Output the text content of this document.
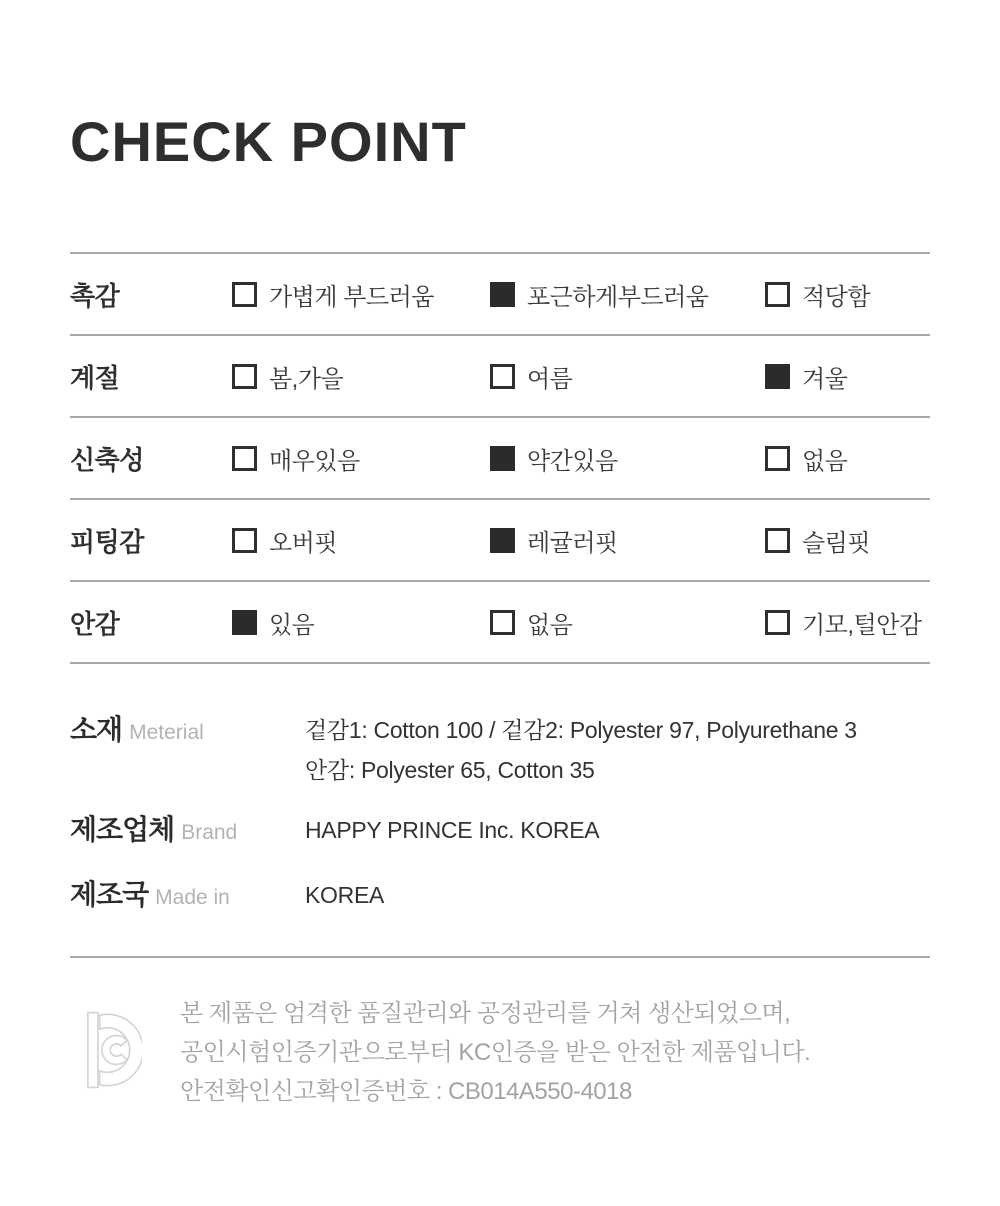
CHECK POINT
촉감	가볍게 부드러움	포근하게부드러움	적당함
계절	봄,가을	여름	겨울
신축성	매우있음	약간있음	없음
피팅감	오버핏	레귤러핏	슬림핏
안감	있음	없음	기모,털안감
소재 Meterial	겉감1: Cotton 100 / 겉감2: Polyester 97, Polyurethane 3
안감: Polyester 65, Cotton 35
제조업체 Brand	HAPPY PRINCE Inc. KOREA
제조국 Made in	KOREA
본 제품은 엄격한 품질관리와 공정관리를 거쳐 생산되었으며,
공인시험인증기관으로부터 KC인증을 받은 안전한 제품입니다.
안전확인신고확인증번호 : CB014A550-4018
